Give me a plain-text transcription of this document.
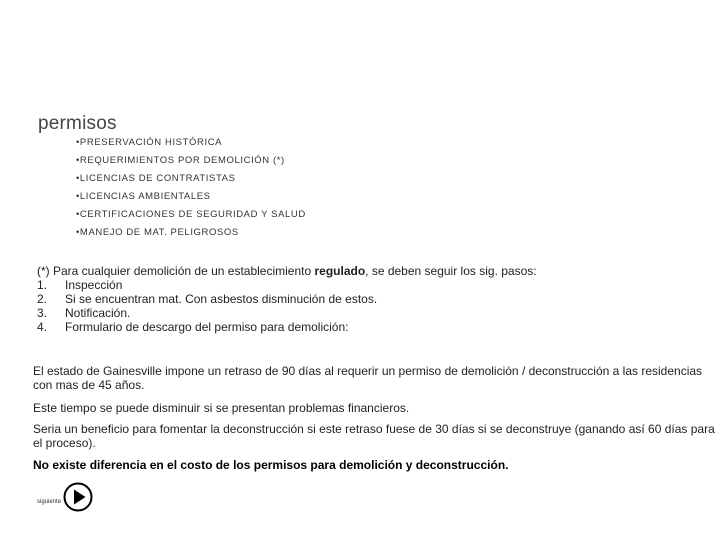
permisos
•PRESERVACIÓN HISTÓRICA
•REQUERIMIENTOS POR DEMOLICIÓN (*)
•LICENCIAS DE CONTRATISTAS
•LICENCIAS AMBIENTALES
•CERTIFICACIONES DE SEGURIDAD Y SALUD
•MANEJO DE MAT. PELIGROSOS
(*) Para cualquier demolición de un establecimiento regulado, se deben seguir los sig. pasos:
1.	Inspección
2.	Si se encuentran mat. Con asbestos disminución de estos.
3.	Notificación.
4.	Formulario de descargo del permiso para demolición:
El estado de Gainesville impone un retraso de 90 días al requerir un permiso de demolición / deconstrucción a las residencias con mas de 45 años.
Este tiempo se puede disminuir si se presentan problemas financieros.
Seria un beneficio para fomentar la deconstrucción si este retraso fuese de 30 días si se deconstruye (ganando así 60 días para el proceso).
No existe diferencia en el costo de los permisos para demolición y deconstrucción.
siguiente
